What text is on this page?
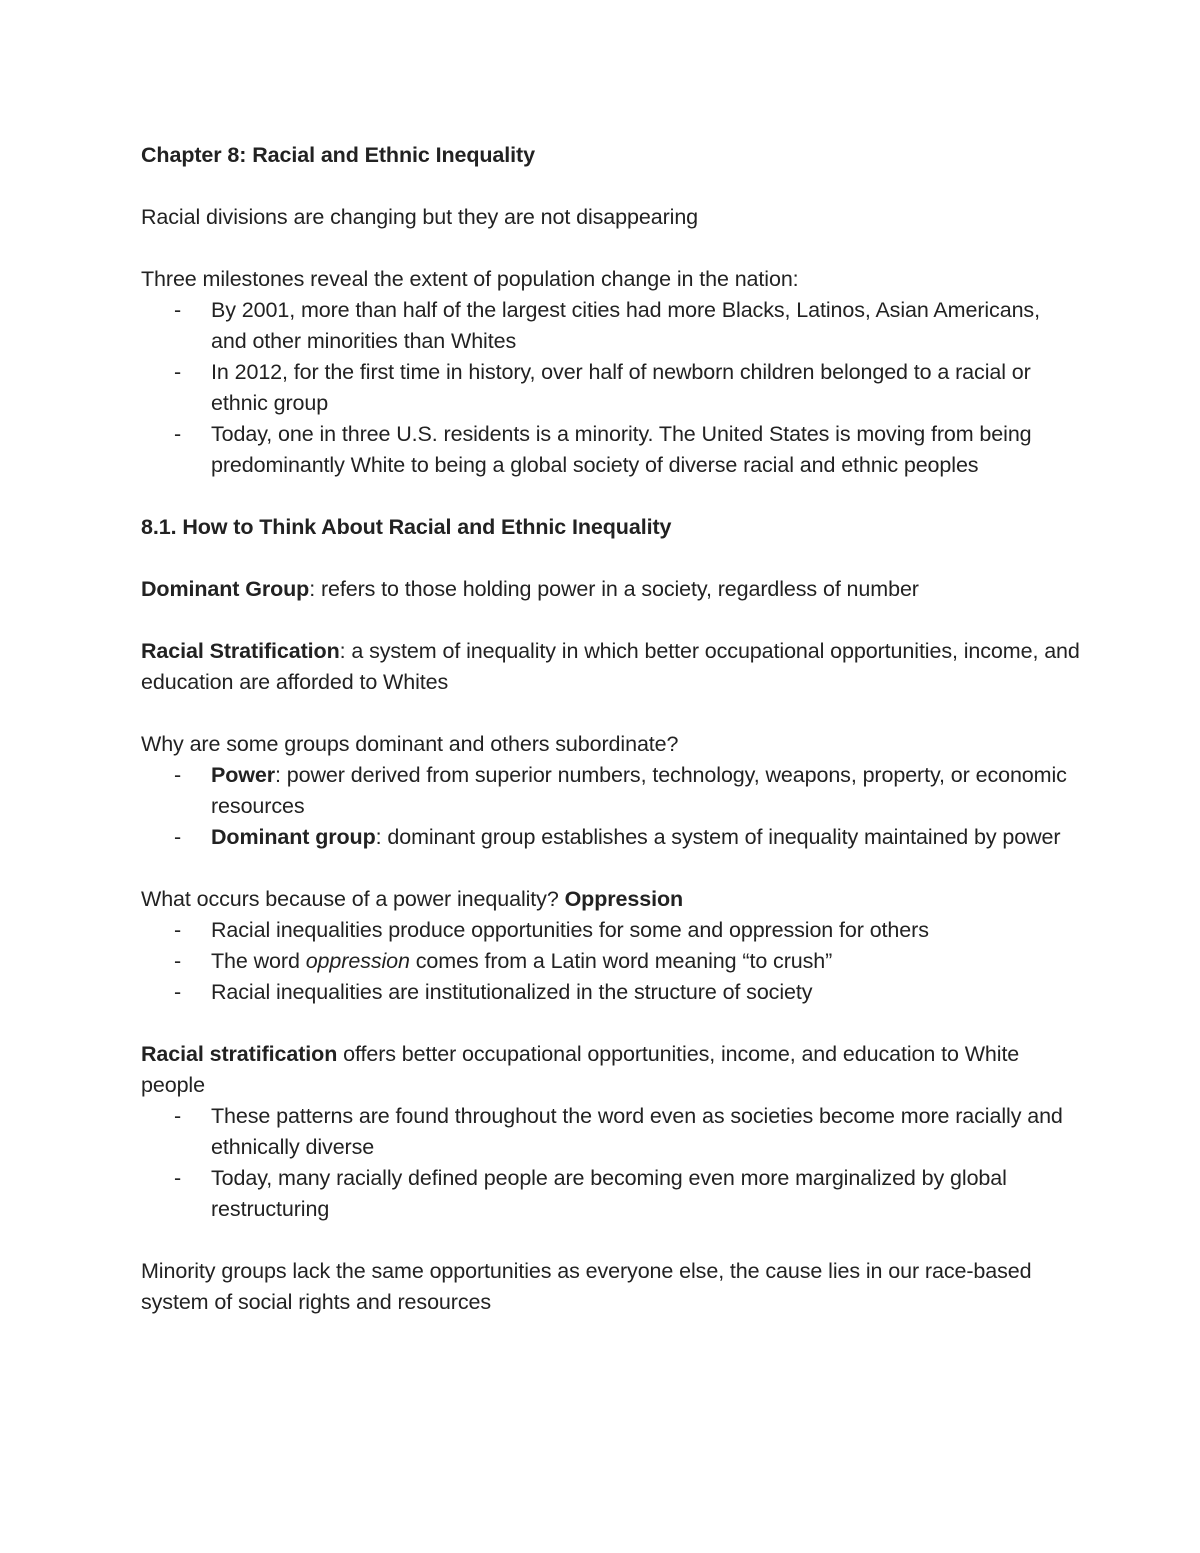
Chapter 8: Racial and Ethnic Inequality

Racial divisions are changing but they are not disappearing

Three milestones reveal the extent of population change in the nation:

- By 2001, more than half of the largest cities had more Blacks, Latinos, Asian Americans, and other minorities than Whites
- In 2012, for the first time in history, over half of newborn children belonged to a racial or ethnic group
- Today, one in three U.S. residents is a minority. The United States is moving from being predominantly White to being a global society of diverse racial and ethnic peoples

8.1. How to Think About Racial and Ethnic Inequality

Dominant Group: refers to those holding power in a society, regardless of number

Racial Stratification: a system of inequality in which better occupational opportunities, income, and education are afforded to Whites

Why are some groups dominant and others subordinate?

- Power: power derived from superior numbers, technology, weapons, property, or economic resources
- Dominant group: dominant group establishes a system of inequality maintained by power

What occurs because of a power inequality? Oppression

- Racial inequalities produce opportunities for some and oppression for others
- The word oppression comes from a Latin word meaning “to crush”
- Racial inequalities are institutionalized in the structure of society

Racial stratification offers better occupational opportunities, income, and education to White people

- These patterns are found throughout the word even as societies become more racially and ethnically diverse
- Today, many racially defined people are becoming even more marginalized by global restructuring

Minority groups lack the same opportunities as everyone else, the cause lies in our race-based system of social rights and resources
